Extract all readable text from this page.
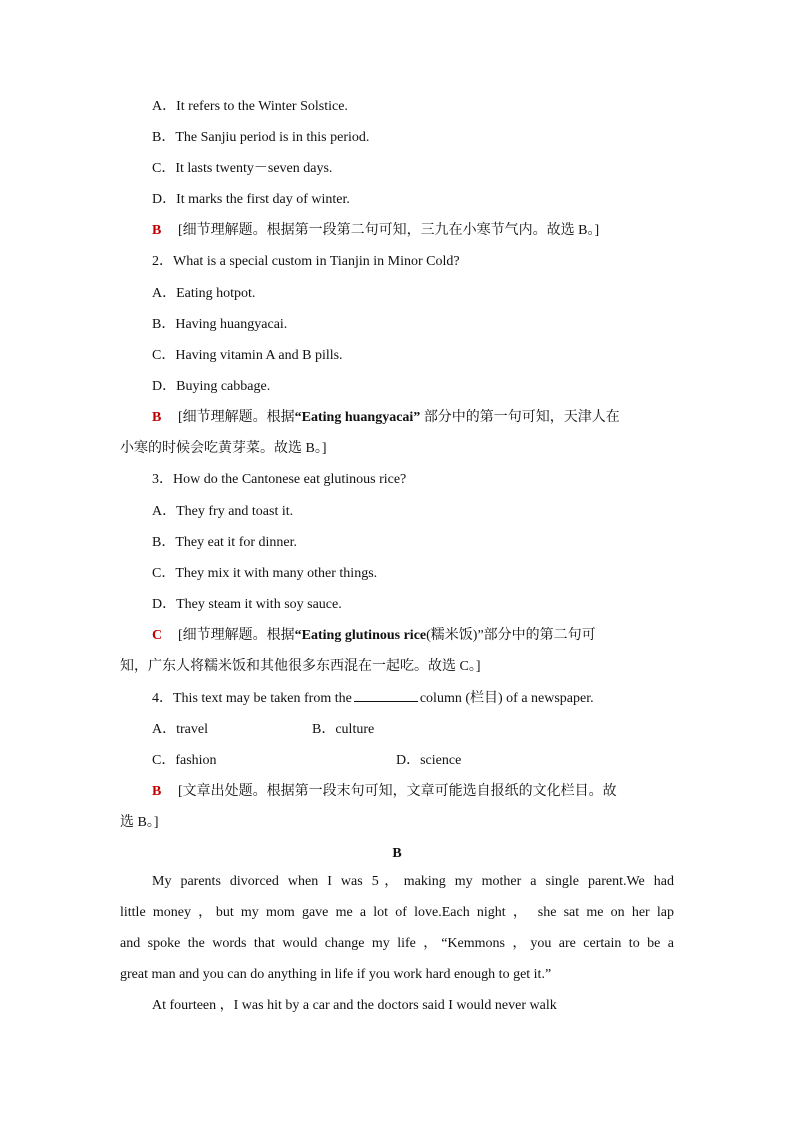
A．It refers to the Winter Solstice.
B．The Sanjiu period is in this period.
C．It lasts twenty－seven days.
D．It marks the first day of winter.
B [细节理解题。根据第一段第二句可知，三九在小寒节气内。故选 B。]
2．What is a special custom in Tianjin in Minor Cold?
A．Eating hotpot.
B．Having huangyacai.
C．Having vitamin A and B pills.
D．Buying cabbage.
B [细节理解题。根据“Eating huangyacai” 部分中的第一句可知，天津人在
小寒的时候会吃黄芽菜。故选 B。]
3．How do the Cantonese eat glutinous rice?
A．They fry and toast it.
B．They eat it for dinner.
C．They mix it with many other things.
D．They steam it with soy sauce.
C [细节理解题。根据“Eating glutinous rice(糯米饭)”部分中的第二句可
知，广东人将糯米饭和其他很多东西混在一起吃。故选 C。]
4．This text may be taken from the	column (栏目) of a newspaper.
A．travel	B．culture
C．fashion	D．science
B [文章出处题。根据第一段末句可知，文章可能选自报纸的文化栏目。故
选 B。]
B
My parents divorced when I was 5，making my mother a single parent.We had
little money ，but my mom gave me a lot of love.Each night ， she sat me on her lap
and spoke the words that would change my life ，“Kemmons ，you are certain to be a
great man and you can do anything in life if you work hard enough to get it.”
At fourteen ，I was hit by a car and the doctors said I would never walk
